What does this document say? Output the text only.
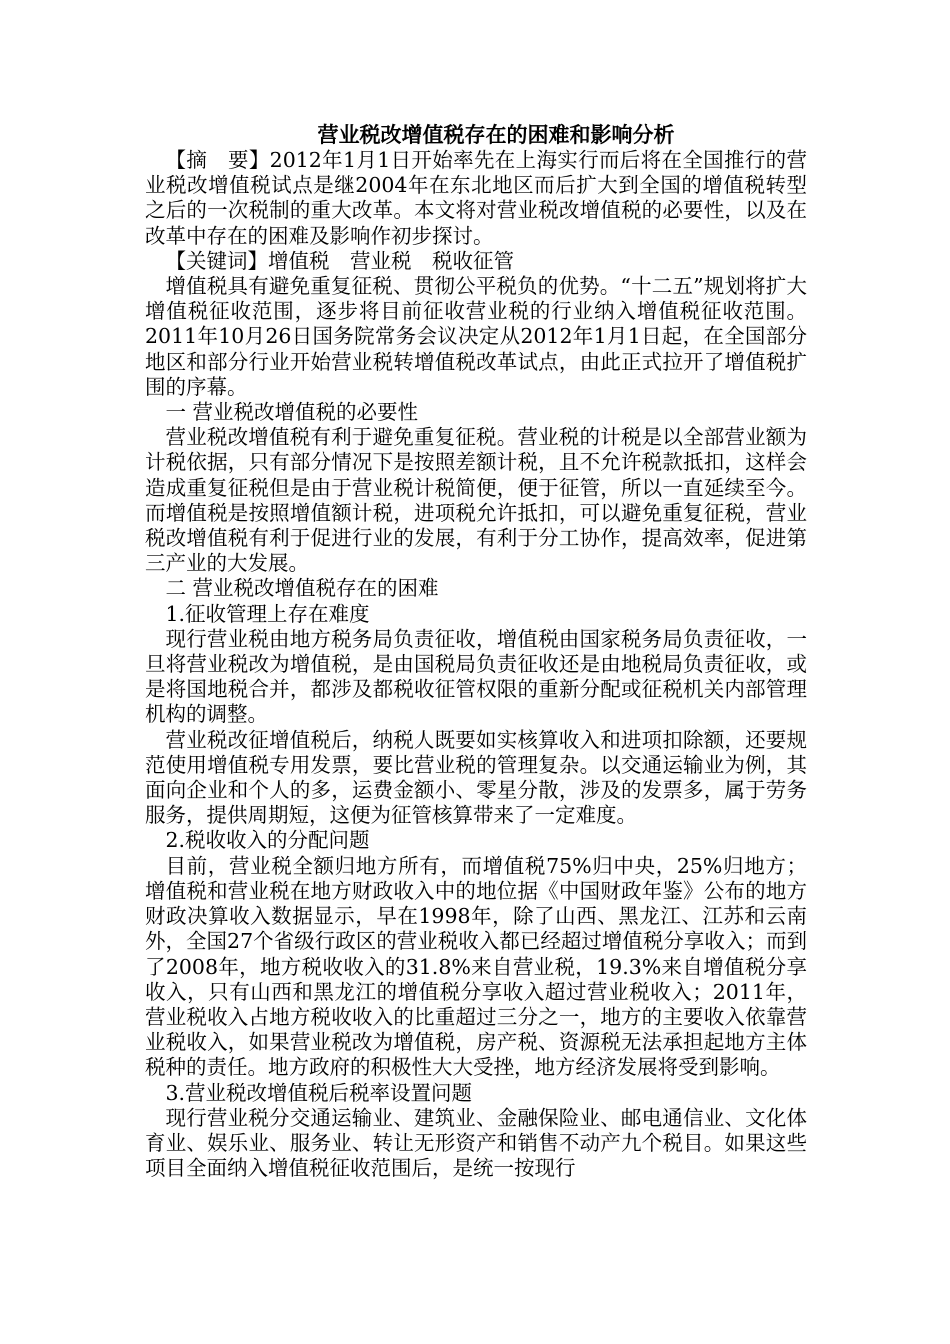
营业税改增值税存在的困难和影响分析

【摘　要】2012年1月1日开始率先在上海实行而后将在全国推行的营业税改增值税试点是继2004年在东北地区而后扩大到全国的增值税转型之后的一次税制的重大改革。本文将对营业税改增值税的必要性，以及在改革中存在的困难及影响作初步探讨。

【关键词】增值税 营业税 税收征管

增值税具有避免重复征税、贯彻公平税负的优势。“十二五”规划将扩大增值税征收范围，逐步将目前征收营业税的行业纳入增值税征收范围。2011年10月26日国务院常务会议决定从2012年1月1日起，在全国部分地区和部分行业开始营业税转增值税改革试点，由此正式拉开了增值税扩围的序幕。

一 营业税改增值税的必要性

营业税改增值税有利于避免重复征税。营业税的计税是以全部营业额为计税依据，只有部分情况下是按照差额计税，且不允许税款抵扣，这样会造成重复征税但是由于营业税计税简便，便于征管，所以一直延续至今。而增值税是按照增值额计税，进项税允许抵扣，可以避免重复征税，营业税改增值税有利于促进行业的发展，有利于分工协作，提高效率，促进第三产业的大发展。

二 营业税改增值税存在的困难

1.征收管理上存在难度

现行营业税由地方税务局负责征收，增值税由国家税务局负责征收，一旦将营业税改为增值税，是由国税局负责征收还是由地税局负责征收，或是将国地税合并，都涉及都税收征管权限的重新分配或征税机关内部管理机构的调整。

营业税改征增值税后，纳税人既要如实核算收入和进项扣除额，还要规范使用增值税专用发票，要比营业税的管理复杂。以交通运输业为例，其面向企业和个人的多，运费金额小、零星分散，涉及的发票多，属于劳务服务，提供周期短，这便为征管核算带来了一定难度。

2.税收收入的分配问题

目前，营业税全额归地方所有，而增值税75%归中央，25%归地方；增值税和营业税在地方财政收入中的地位据《中国财政年鉴》公布的地方财政决算收入数据显示，早在1998年，除了山西、黑龙江、江苏和云南外，全国27个省级行政区的营业税收入都已经超过增值税分享收入；而到了2008年，地方税收收入的31.8%来自营业税，19.3%来自增值税分享收入，只有山西和黑龙江的增值税分享收入超过营业税收入；2011年，营业税收入占地方税收收入的比重超过三分之一，地方的主要收入依靠营业税收入，如果营业税改为增值税，房产税、资源税无法承担起地方主体税种的责任。地方政府的积极性大大受挫，地方经济发展将受到影响。

3.营业税改增值税后税率设置问题

现行营业税分交通运输业、建筑业、金融保险业、邮电通信业、文化体育业、娱乐业、服务业、转让无形资产和销售不动产九个税目。如果这些项目全面纳入增值税征收范围后，是统一按现行
